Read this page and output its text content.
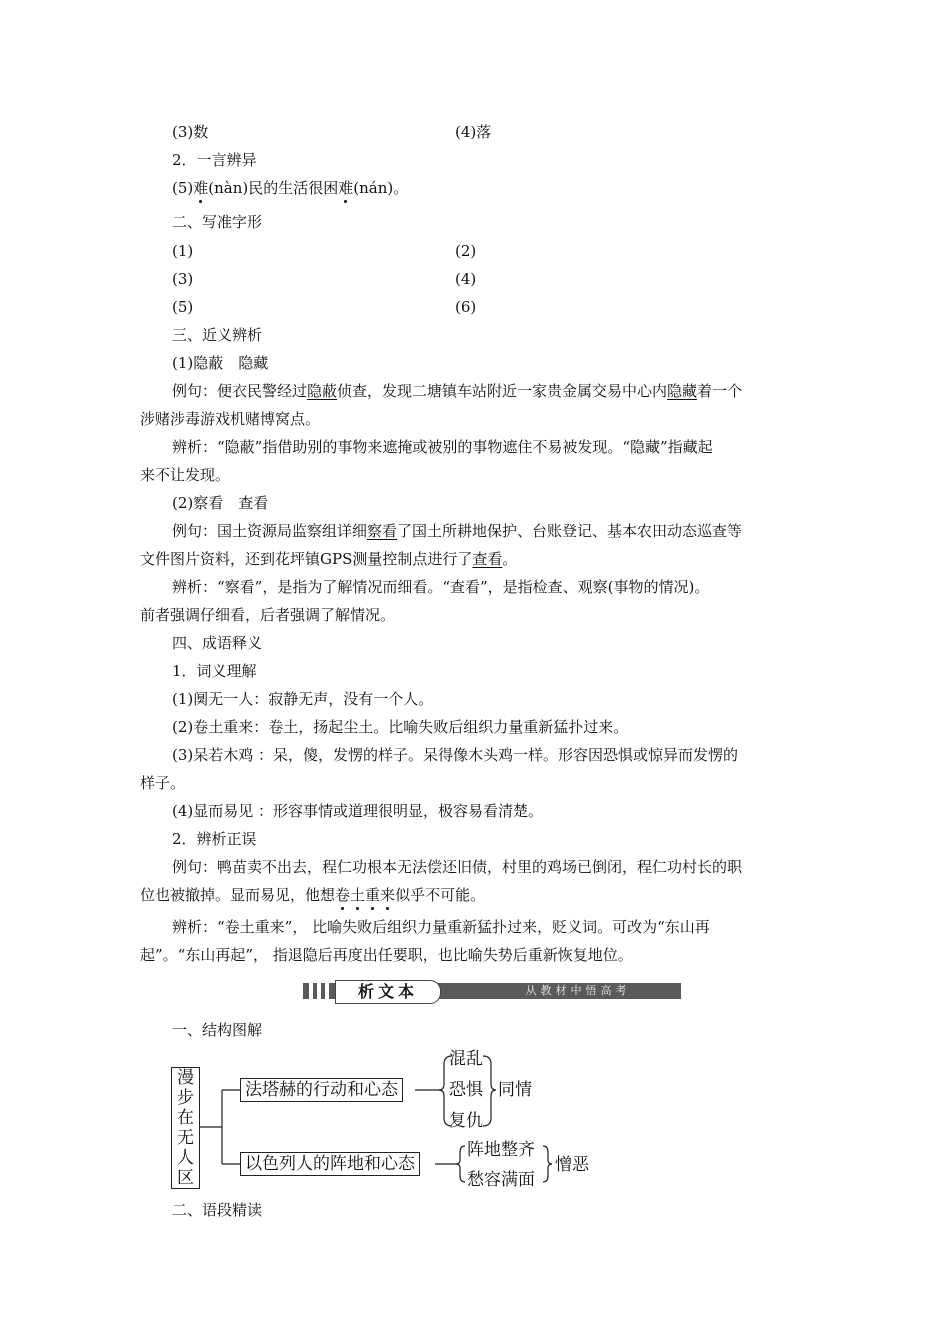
(3)数	(4)落
2．一言辨异
(5)难(nàn)民的生活很困难(nán)。
二、写准字形
(1)	(2)
(3)	(4)
(5)	(6)
三、近义辨析
(1)隐蔽　隐藏
例句：便衣民警经过隐蔽侦查，发现二塘镇车站附近一家贵金属交易中心内隐藏着一个
涉赌涉毒游戏机赌博窝点。
辨析：“隐蔽”指借助别的事物来遮掩或被别的事物遮住不易被发现。“隐藏”指藏起
来不让发现。
(2)察看　查看
例句：国土资源局监察组详细察看了国土所耕地保护、台账登记、基本农田动态巡查等
文件图片资料，还到花坪镇GPS测量控制点进行了查看。
辨析：“察看”，是指为了解情况而细看。“查看”，是指检查、观察(事物的情况)。
前者强调仔细看，后者强调了解情况。
四、成语释义
1．词义理解
(1)阒无一人：寂静无声，没有一个人。
(2)卷土重来：卷土，扬起尘土。比喻失败后组织力量重新猛扑过来。
(3)呆若木鸡 ：呆，傻，发愣的样子。呆得像木头鸡一样。形容因恐惧或惊异而发愣的
样子。
(4)显而易见 ：形容事情或道理很明显，极容易看清楚。
2．辨析正误
例句：鸭苗卖不出去，程仁功根本无法偿还旧债，村里的鸡场已倒闭，程仁功村长的职
位也被撤掉。显而易见，他想卷土重来似乎不可能。
辨析：“卷土重来”， 比喻失败后组织力量重新猛扑过来，贬义词。可改为“东山再
起”。“东山再起”， 指退隐后再度出任要职，也比喻失势后重新恢复地位。
析文本	从教材中悟高考
一、结构图解
漫
步
在
无
人
区
法塔赫的行动和心态
混乱
恐惧
复仇
同情
以色列人的阵地和心态
阵地整齐
愁容满面
憎恶
二、语段精读
